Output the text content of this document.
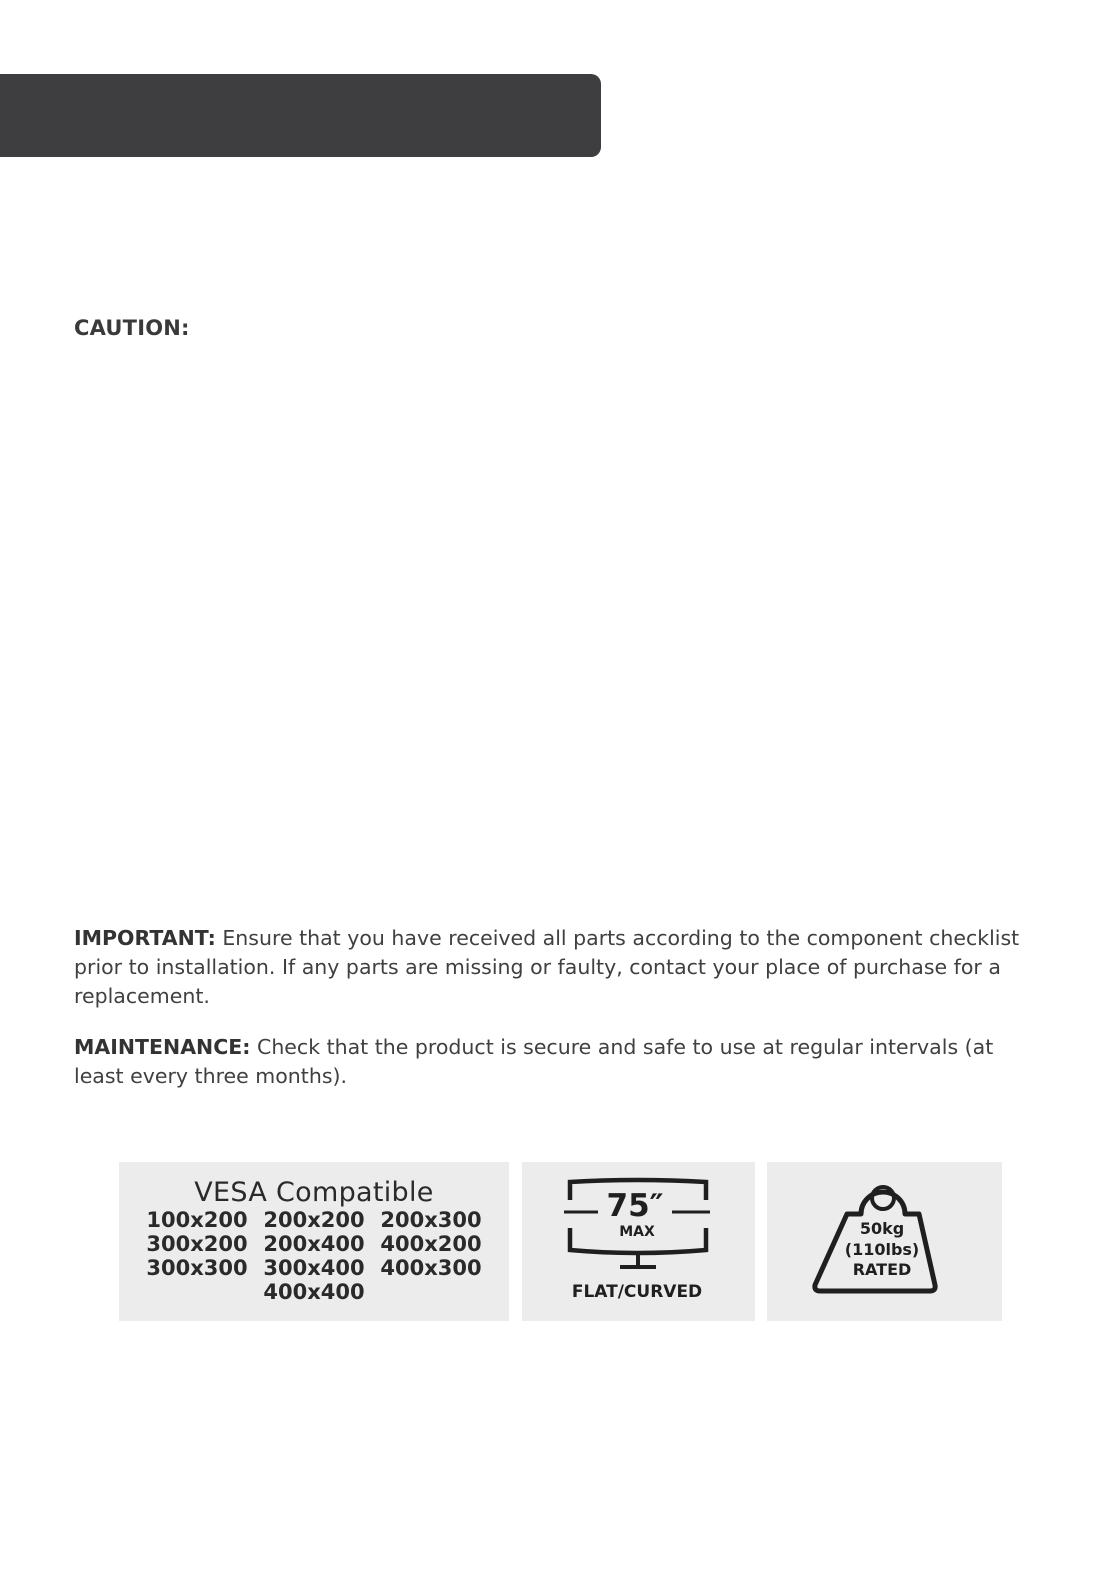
CAUTION:
IMPORTANT: Ensure that you have received all parts according to the component checklist prior to installation. If any parts are missing or faulty, contact your place of purchase for a replacement.
MAINTENANCE: Check that the product is secure and safe to use at regular intervals (at least every three months).
VESA Compatible
100x200 200x200 200x300
300x200 200x400 400x200
300x300 300x400 400x300
400x400
75″
MAX
FLAT/CURVED
50kg
(110lbs)
RATED
